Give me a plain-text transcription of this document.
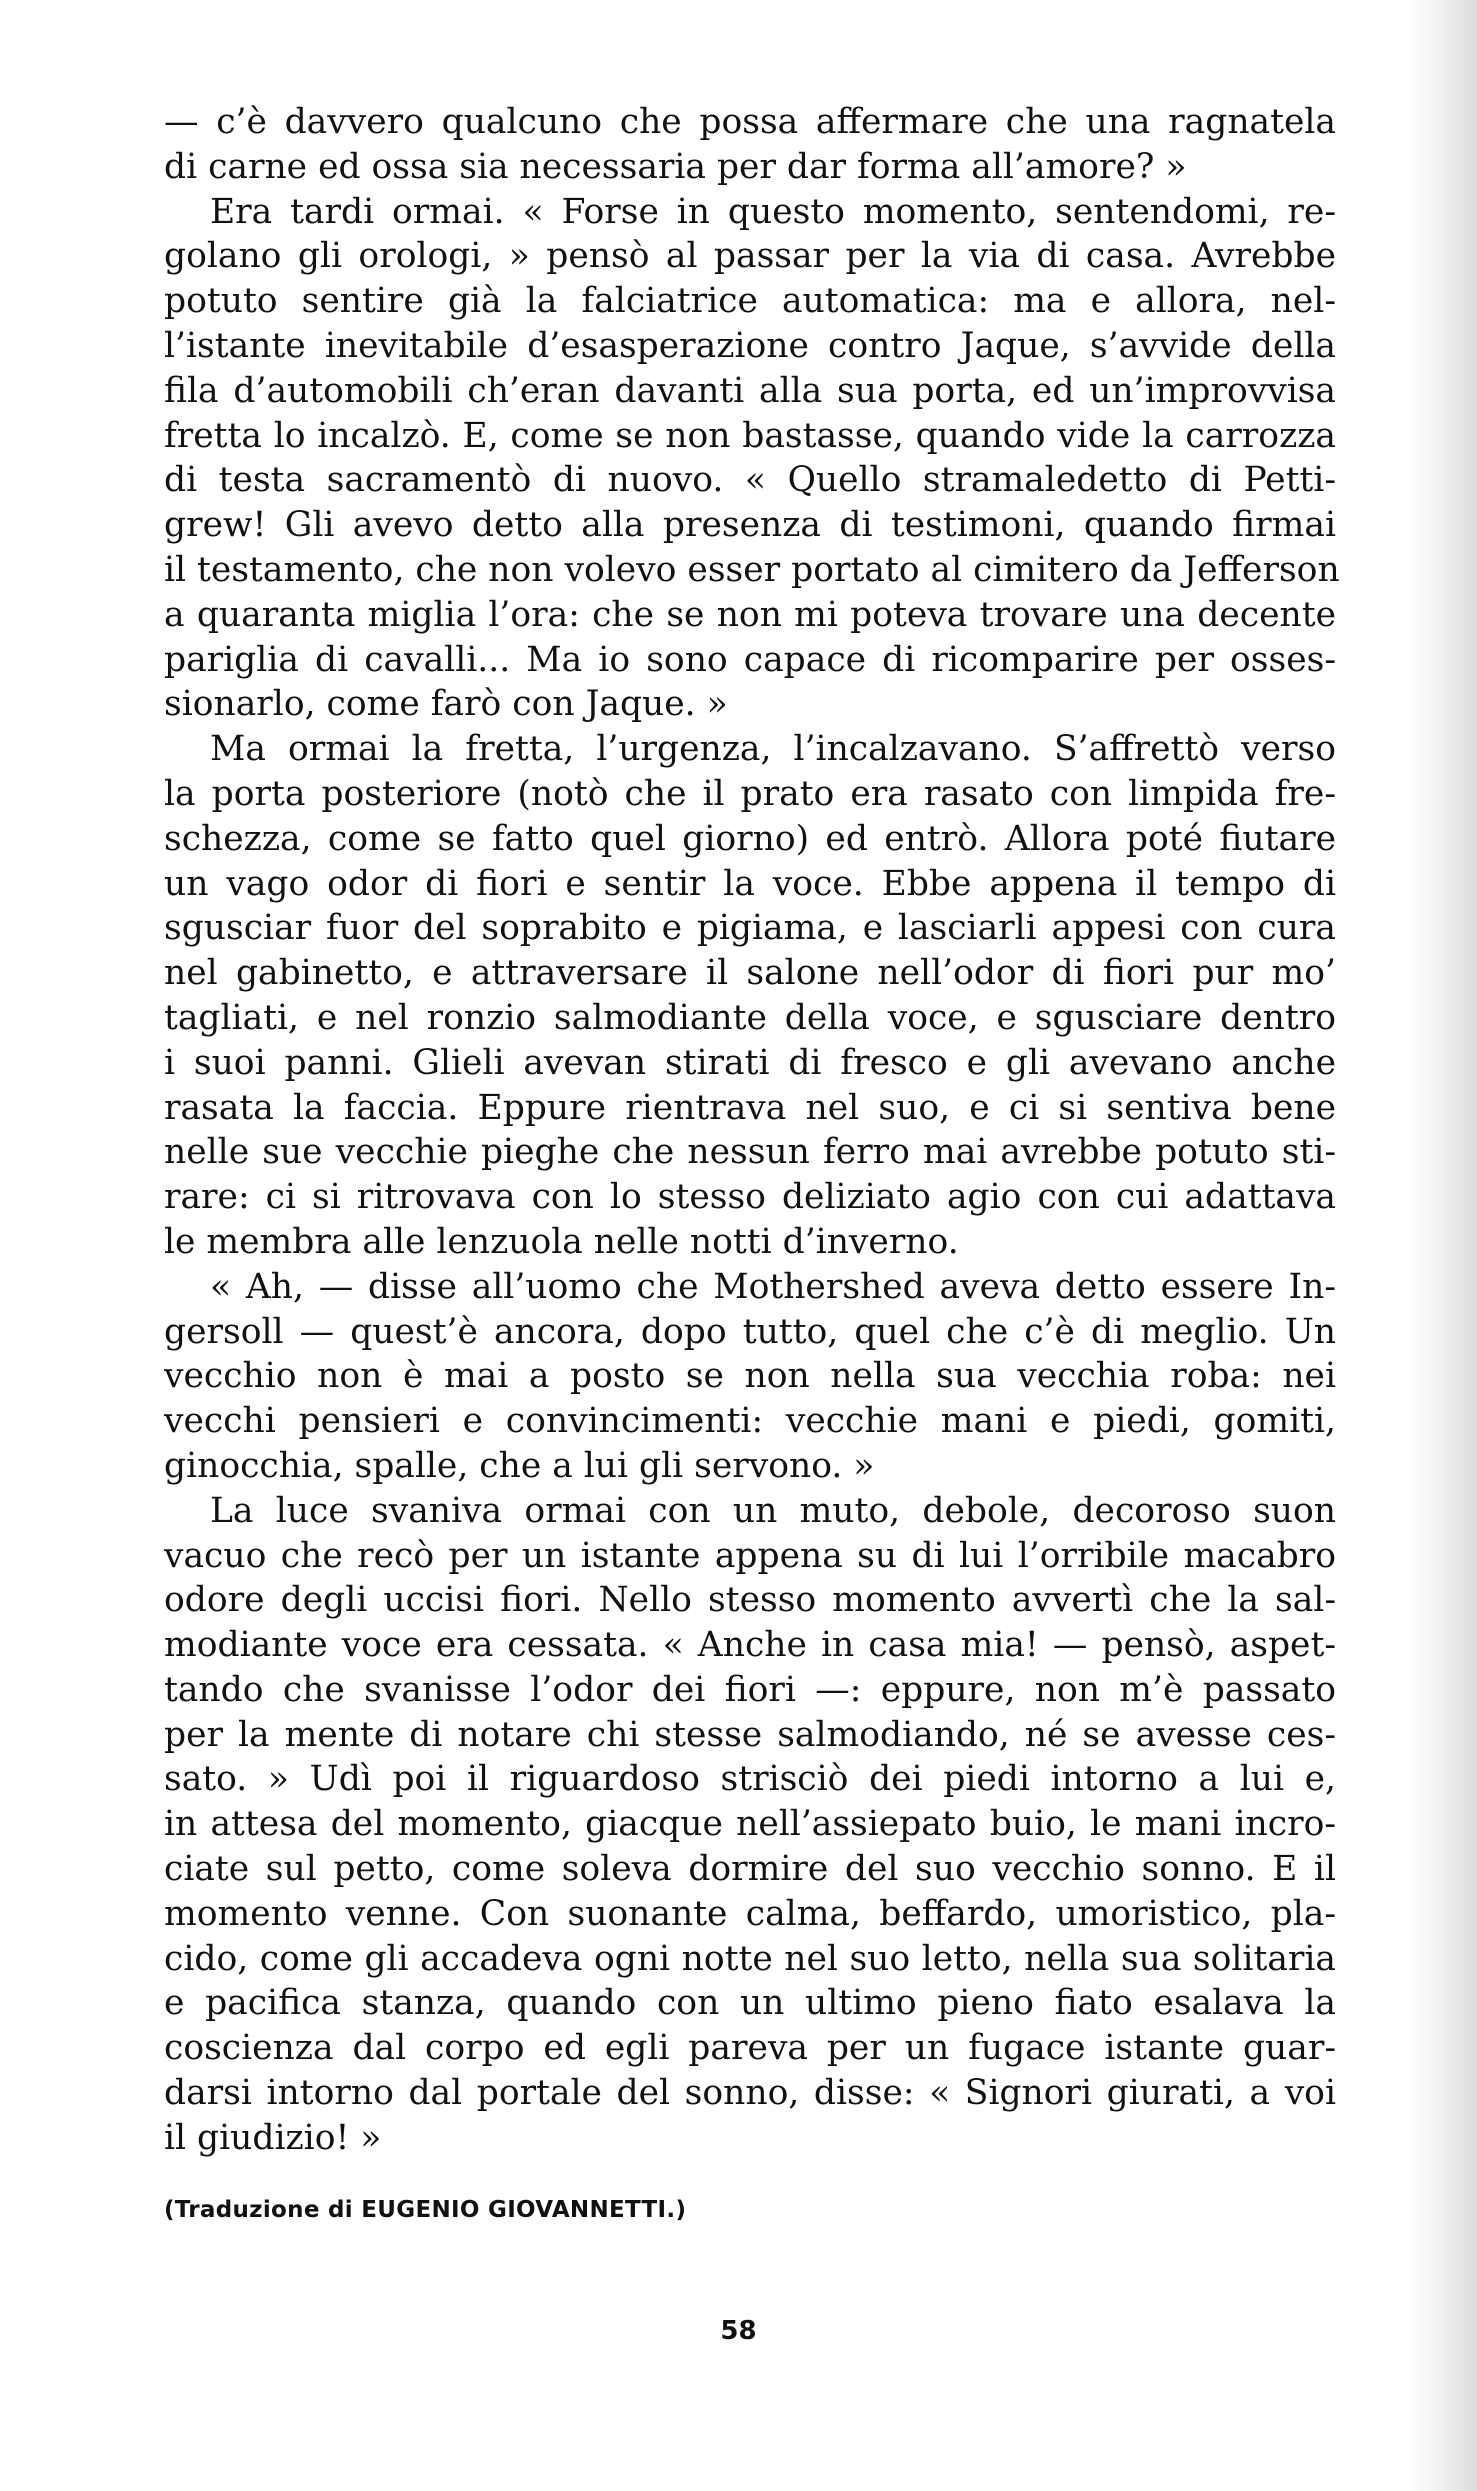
— c’è davvero qualcuno che possa affermare che una ragnatela
di carne ed ossa sia necessaria per dar forma all’amore? »
Era tardi ormai. « Forse in questo momento, sentendomi, re-
golano gli orologi, » pensò al passar per la via di casa. Avrebbe
potuto sentire già la falciatrice automatica: ma e allora, nel-
l’istante inevitabile d’esasperazione contro Jaque, s’avvide della
fila d’automobili ch’eran davanti alla sua porta, ed un’improvvisa
fretta lo incalzò. E, come se non bastasse, quando vide la carrozza
di testa sacramentò di nuovo. « Quello stramaledetto di Petti-
grew! Gli avevo detto alla presenza di testimoni, quando firmai
il testamento, che non volevo esser portato al cimitero da Jefferson
a quaranta miglia l’ora: che se non mi poteva trovare una decente
pariglia di cavalli... Ma io sono capace di ricomparire per osses-
sionarlo, come farò con Jaque. »
Ma ormai la fretta, l’urgenza, l’incalzavano. S’affrettò verso
la porta posteriore (notò che il prato era rasato con limpida fre-
schezza, come se fatto quel giorno) ed entrò. Allora poté fiutare
un vago odor di fiori e sentir la voce. Ebbe appena il tempo di
sgusciar fuor del soprabito e pigiama, e lasciarli appesi con cura
nel gabinetto, e attraversare il salone nell’odor di fiori pur mo’
tagliati, e nel ronzio salmodiante della voce, e sgusciare dentro
i suoi panni. Glieli avevan stirati di fresco e gli avevano anche
rasata la faccia. Eppure rientrava nel suo, e ci si sentiva bene
nelle sue vecchie pieghe che nessun ferro mai avrebbe potuto sti-
rare: ci si ritrovava con lo stesso deliziato agio con cui adattava
le membra alle lenzuola nelle notti d’inverno.
« Ah, — disse all’uomo che Mothershed aveva detto essere In-
gersoll — quest’è ancora, dopo tutto, quel che c’è di meglio. Un
vecchio non è mai a posto se non nella sua vecchia roba: nei
vecchi pensieri e convincimenti: vecchie mani e piedi, gomiti,
ginocchia, spalle, che a lui gli servono. »
La luce svaniva ormai con un muto, debole, decoroso suon
vacuo che recò per un istante appena su di lui l’orribile macabro
odore degli uccisi fiori. Nello stesso momento avvertì che la sal-
modiante voce era cessata. « Anche in casa mia! — pensò, aspet-
tando che svanisse l’odor dei fiori —: eppure, non m’è passato
per la mente di notare chi stesse salmodiando, né se avesse ces-
sato. » Udì poi il riguardoso strisciò dei piedi intorno a lui e,
in attesa del momento, giacque nell’assiepato buio, le mani incro-
ciate sul petto, come soleva dormire del suo vecchio sonno. E il
momento venne. Con suonante calma, beffardo, umoristico, pla-
cido, come gli accadeva ogni notte nel suo letto, nella sua solitaria
e pacifica stanza, quando con un ultimo pieno fiato esalava la
coscienza dal corpo ed egli pareva per un fugace istante guar-
darsi intorno dal portale del sonno, disse: « Signori giurati, a voi
il giudizio! »
(Traduzione di EUGENIO GIOVANNETTI.)
58
